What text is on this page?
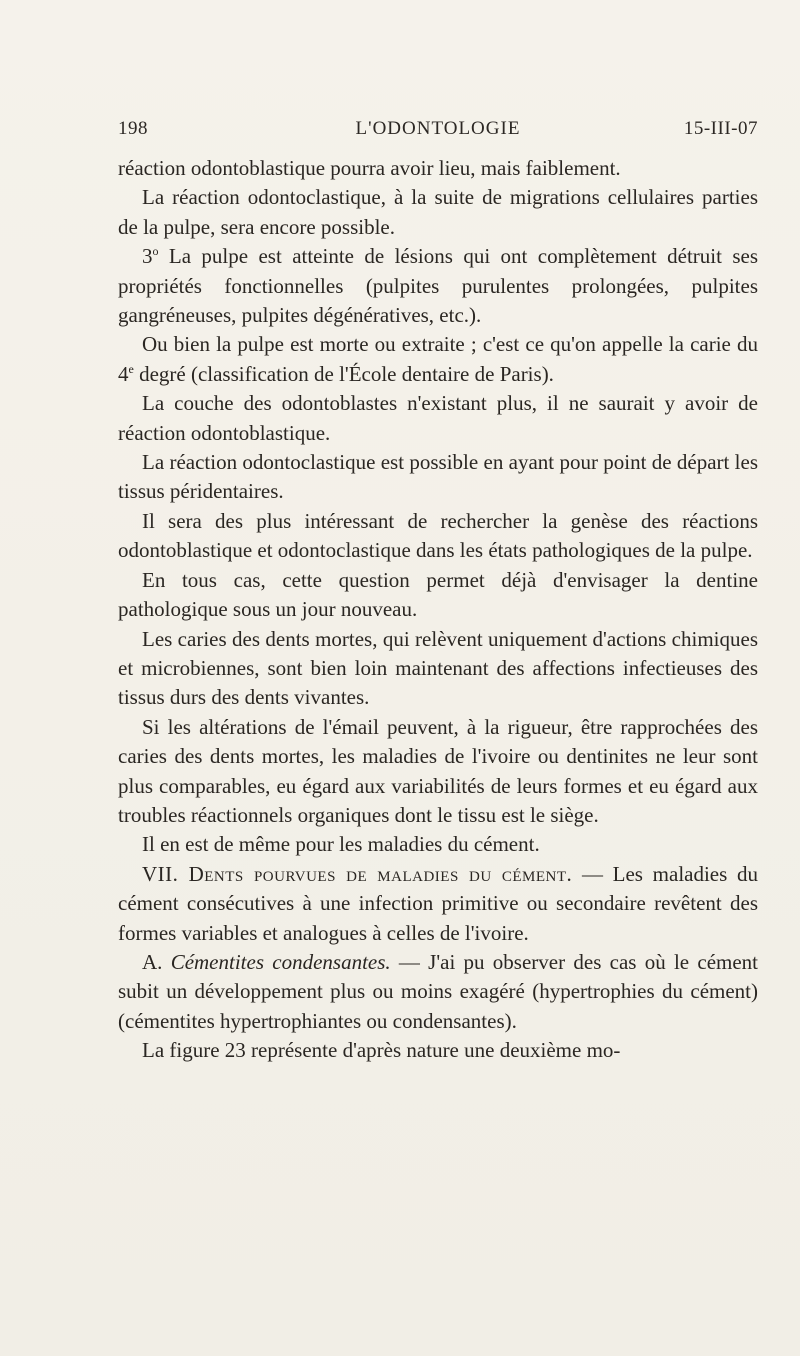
198	L'ODONTOLOGIE	15-III-07

réaction odontoblastique pourra avoir lieu, mais faiblement.

La réaction odontoclastique, à la suite de migrations cellulaires parties de la pulpe, sera encore possible.

3$^o$ La pulpe est atteinte de lésions qui ont complètement détruit ses propriétés fonctionnelles (pulpites purulentes prolongées, pulpites gangréneuses, pulpites dégénératives, etc.).

Ou bien la pulpe est morte ou extraite ; c'est ce qu'on appelle la carie du 4e degré (classification de l'École dentaire de Paris).

La couche des odontoblastes n'existant plus, il ne saurait y avoir de réaction odontoblastique.

La réaction odontoclastique est possible en ayant pour point de départ les tissus péridentaires.

Il sera des plus intéressant de rechercher la genèse des réactions odontoblastique et odontoclastique dans les états pathologiques de la pulpe.

En tous cas, cette question permet déjà d'envisager la dentine pathologique sous un jour nouveau.

Les caries des dents mortes, qui relèvent uniquement d'actions chimiques et microbiennes, sont bien loin maintenant des affections infectieuses des tissus durs des dents vivantes.

Si les altérations de l'émail peuvent, à la rigueur, être rapprochées des caries des dents mortes, les maladies de l'ivoire ou dentinites ne leur sont plus comparables, eu égard aux variabilités de leurs formes et eu égard aux troubles réactionnels organiques dont le tissu est le siège.

Il en est de même pour les maladies du cément.

VII. Dents pourvues de maladies du cément. — Les maladies du cément consécutives à une infection primitive ou secondaire revêtent des formes variables et analogues à celles de l'ivoire.

A. Cémentites condensantes. — J'ai pu observer des cas où le cément subit un développement plus ou moins exagéré (hypertrophies du cément) (cémentites hypertrophiantes ou condensantes).

La figure 23 représente d'après nature une deuxième mo-
